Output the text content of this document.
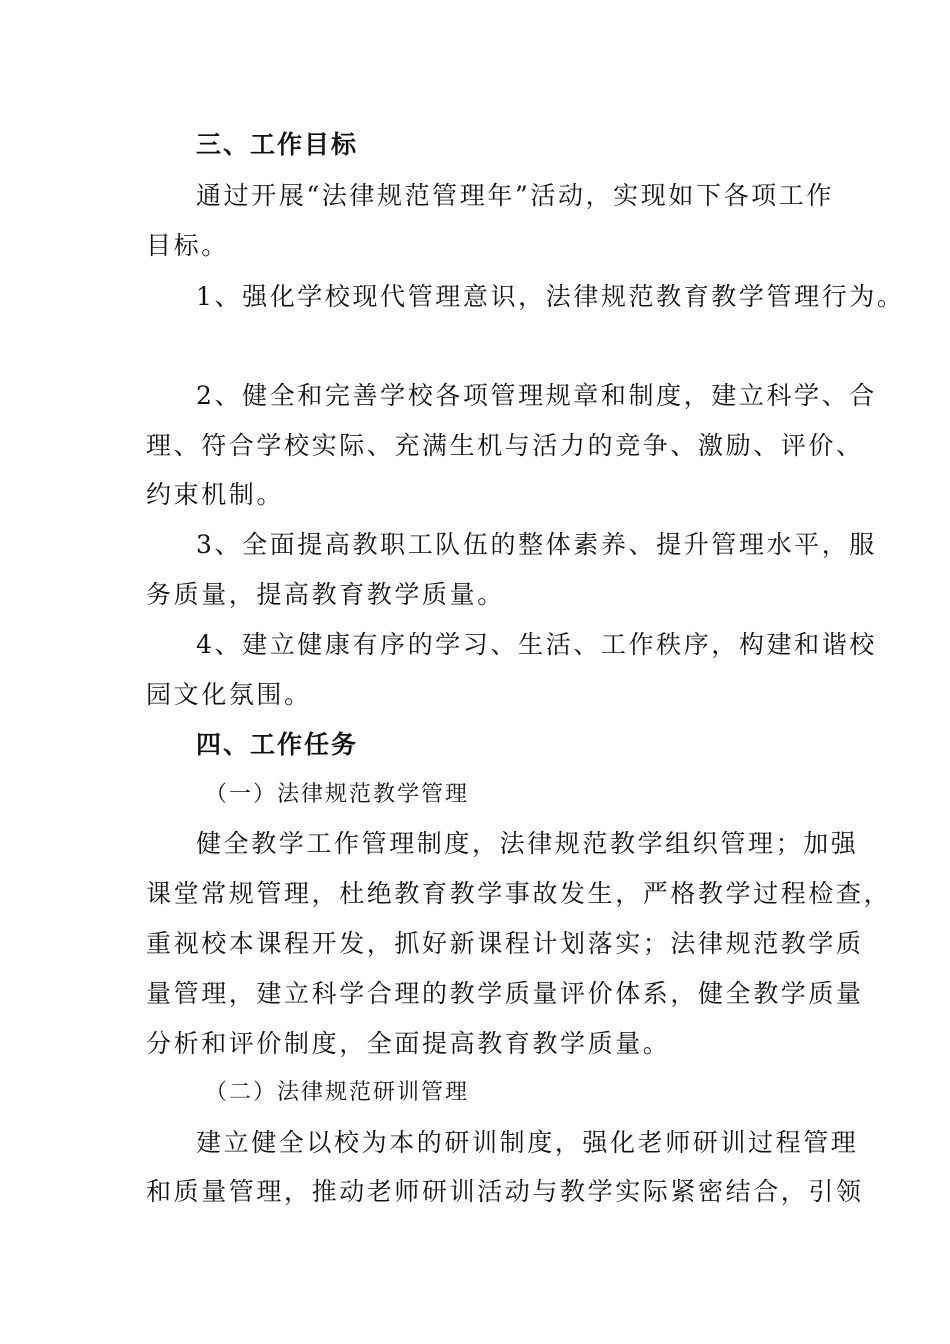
三、工作目标

通过开展“法律规范管理年”活动，实现如下各项工作

目标。

1、强化学校现代管理意识，法律规范教育教学管理行为。

2、健全和完善学校各项管理规章和制度，建立科学、合

理、符合学校实际、充满生机与活力的竞争、激励、评价、

约束机制。

3、全面提高教职工队伍的整体素养、提升管理水平，服

务质量，提高教育教学质量。

4、建立健康有序的学习、生活、工作秩序，构建和谐校

园文化氛围。

四、工作任务

（一）法律规范教学管理

健全教学工作管理制度，法律规范教学组织管理；加强

课堂常规管理，杜绝教育教学事故发生，严格教学过程检查，

重视校本课程开发，抓好新课程计划落实；法律规范教学质

量管理，建立科学合理的教学质量评价体系，健全教学质量

分析和评价制度，全面提高教育教学质量。

（二）法律规范研训管理

建立健全以校为本的研训制度，强化老师研训过程管理

和质量管理，推动老师研训活动与教学实际紧密结合，引领
